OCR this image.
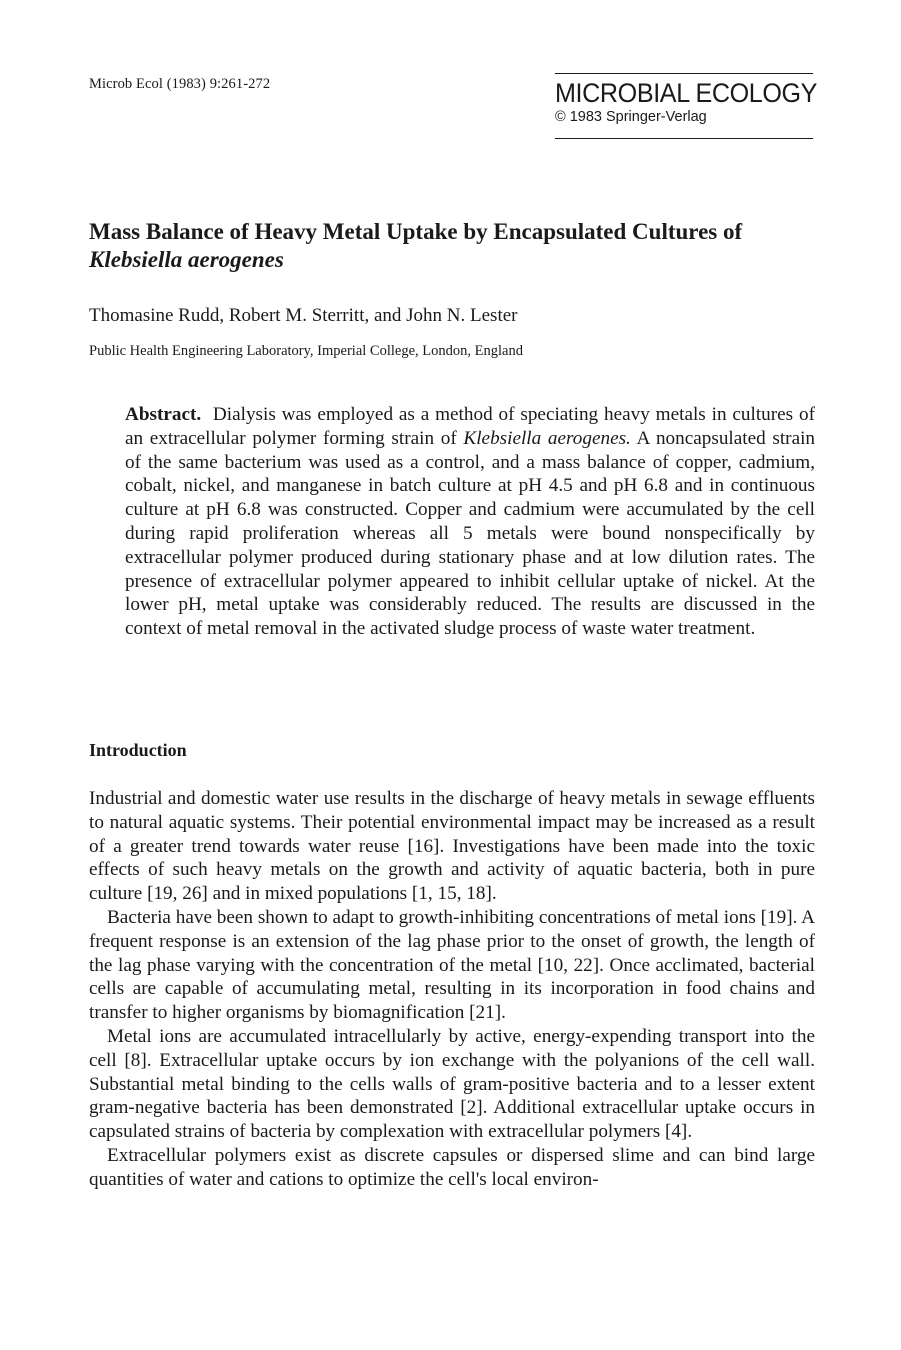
Microb Ecol (1983) 9:261-272	MICROBIAL ECOLOGY
© 1983 Springer-Verlag
Mass Balance of Heavy Metal Uptake by Encapsulated Cultures of Klebsiella aerogenes
Thomasine Rudd, Robert M. Sterritt, and John N. Lester
Public Health Engineering Laboratory, Imperial College, London, England

Abstract. Dialysis was employed as a method of speciating heavy metals in cultures of an extracellular polymer forming strain of Klebsiella aerogenes. A noncapsulated strain of the same bacterium was used as a control, and a mass balance of copper, cadmium, cobalt, nickel, and manganese in batch culture at pH 4.5 and pH 6.8 and in continuous culture at pH 6.8 was constructed. Copper and cadmium were accumulated by the cell during rapid proliferation whereas all 5 metals were bound nonspecifically by extracellular polymer produced during stationary phase and at low dilution rates. The presence of extracellular polymer appeared to inhibit cellular uptake of nickel. At the lower pH, metal uptake was considerably reduced. The results are discussed in the context of metal removal in the activated sludge process of waste water treatment.

Introduction

Industrial and domestic water use results in the discharge of heavy metals in sewage effluents to natural aquatic systems. Their potential environmental impact may be increased as a result of a greater trend towards water reuse [16]. Investigations have been made into the toxic effects of such heavy metals on the growth and activity of aquatic bacteria, both in pure culture [19, 26] and in mixed populations [1, 15, 18].

Bacteria have been shown to adapt to growth-inhibiting concentrations of metal ions [19]. A frequent response is an extension of the lag phase prior to the onset of growth, the length of the lag phase varying with the concentration of the metal [10, 22]. Once acclimated, bacterial cells are capable of accumulating metal, resulting in its incorporation in food chains and transfer to higher organisms by biomagnification [21].

Metal ions are accumulated intracellularly by active, energy-expending transport into the cell [8]. Extracellular uptake occurs by ion exchange with the polyanions of the cell wall. Substantial metal binding to the cells walls of gram-positive bacteria and to a lesser extent gram-negative bacteria has been demonstrated [2]. Additional extracellular uptake occurs in capsulated strains of bacteria by complexation with extracellular polymers [4].

Extracellular polymers exist as discrete capsules or dispersed slime and can bind large quantities of water and cations to optimize the cell's local environ-
